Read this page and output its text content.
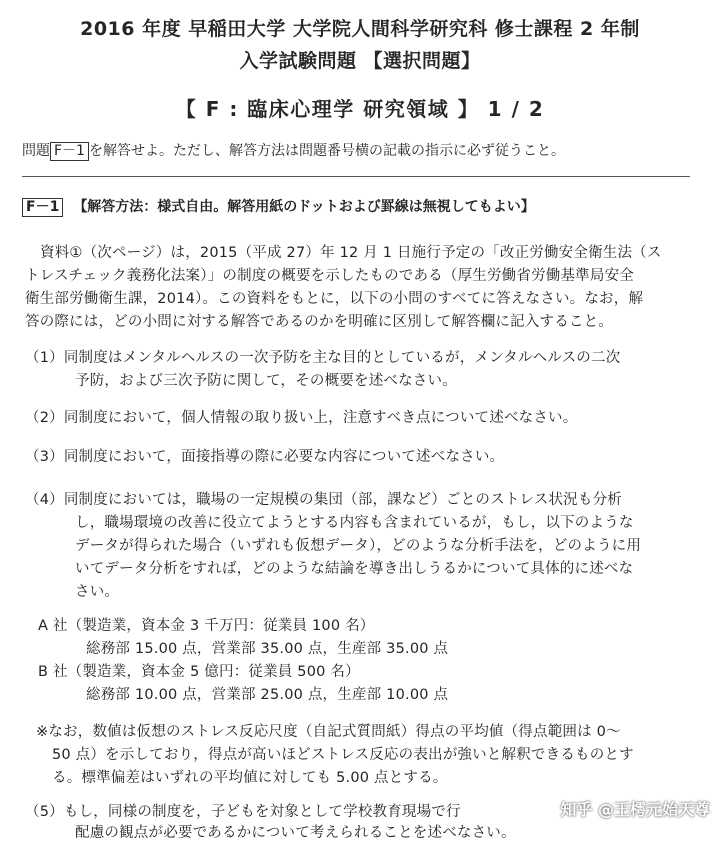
2016 年度 早稲田大学 大学院人間科学研究科 修士課程 2 年制
入学試験問題 【選択問題】
【 F : 臨床心理学 研究領域 】 1 / 2
問題 F－1 を解答せよ。ただし、解答方法は問題番号横の記載の指示に必ず従うこと。
F－1 【解答方法：様式自由。解答用紙のドットおよび罫線は無視してもよい】
資料①（次ページ）は，2015（平成 27）年 12 月 1 日施行予定の「改正労働安全衛生法（ス
トレスチェック義務化法案）」の制度の概要を示したものである（厚生労働省労働基準局安全
衛生部労働衛生課，2014）。この資料をもとに，以下の小問のすべてに答えなさい。なお，解
答の際には，どの小問に対する解答であるのかを明確に区別して解答欄に記入すること。
（1）同制度はメンタルヘルスの一次予防を主な目的としているが，メンタルヘルスの二次
予防，および三次予防に関して，その概要を述べなさい。
（2）同制度において，個人情報の取り扱い上，注意すべき点について述べなさい。
（3）同制度において，面接指導の際に必要な内容について述べなさい。
（4）同制度においては，職場の一定規模の集団（部，課など）ごとのストレス状況も分析
し，職場環境の改善に役立てようとする内容も含まれているが，もし，以下のような
データが得られた場合（いずれも仮想データ），どのような分析手法を，どのように用
いてデータ分析をすれば，どのような結論を導き出しうるかについて具体的に述べな
さい。
A 社（製造業，資本金 3 千万円：従業員 100 名）
総務部 15.00 点，営業部 35.00 点，生産部 35.00 点
B 社（製造業，資本金 5 億円：従業員 500 名）
総務部 10.00 点，営業部 25.00 点，生産部 10.00 点
※なお，数値は仮想のストレス反応尺度（自記式質問紙）得点の平均値（得点範囲は 0～
50 点）を示しており，得点が高いほどストレス反応の表出が強いと解釈できるものとす
る。標準偏差はいずれの平均値に対しても 5.00 点とする。
（5）もし，同様の制度を，子どもを対象として学校教育現場で行
配慮の観点が必要であるかについて考えられることを述べなさい。
知乎 @王樗元始天尊
